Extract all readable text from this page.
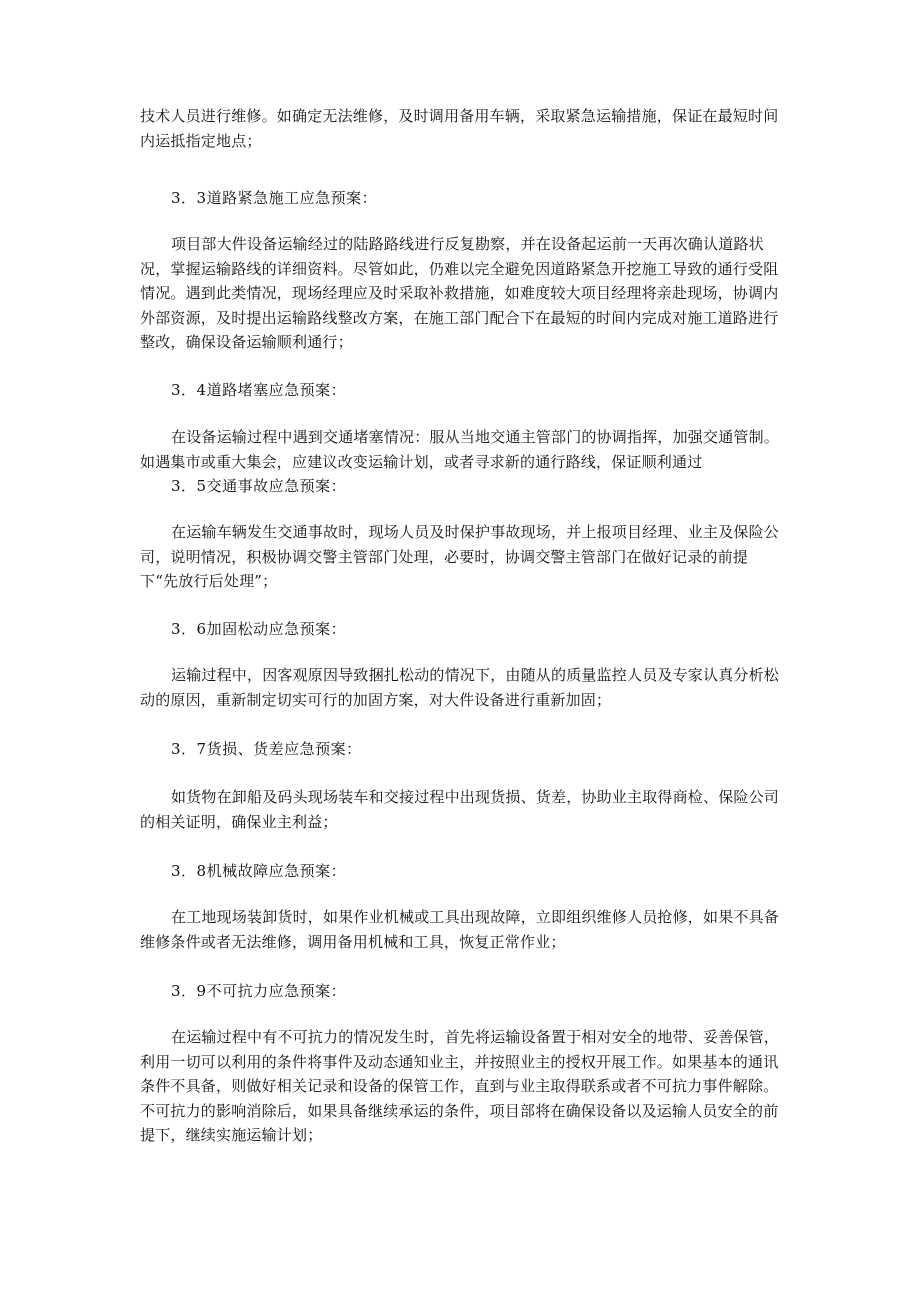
技术人员进行维修。如确定无法维修，及时调用备用车辆，采取紧急运输措施，保证在最短时间内运抵指定地点；

3．3道路紧急施工应急预案：

项目部大件设备运输经过的陆路路线进行反复勘察，并在设备起运前一天再次确认道路状况，掌握运输路线的详细资料。尽管如此，仍难以完全避免因道路紧急开挖施工导致的通行受阻情况。遇到此类情况，现场经理应及时采取补救措施，如难度较大项目经理将亲赴现场，协调内外部资源，及时提出运输路线整改方案，在施工部门配合下在最短的时间内完成对施工道路进行整改，确保设备运输顺利通行；

3．4道路堵塞应急预案：

在设备运输过程中遇到交通堵塞情况：服从当地交通主管部门的协调指挥，加强交通管制。如遇集市或重大集会，应建议改变运输计划，或者寻求新的通行路线，保证顺利通过

3．5交通事故应急预案：

在运输车辆发生交通事故时，现场人员及时保护事故现场，并上报项目经理、业主及保险公司，说明情况，积极协调交警主管部门处理，必要时，协调交警主管部门在做好记录的前提下“先放行后处理”；

3．6加固松动应急预案：

运输过程中，因客观原因导致捆扎松动的情况下，由随从的质量监控人员及专家认真分析松动的原因，重新制定切实可行的加固方案，对大件设备进行重新加固；

3．7货损、货差应急预案：

如货物在卸船及码头现场装车和交接过程中出现货损、货差，协助业主取得商检、保险公司的相关证明，确保业主利益；

3．8机械故障应急预案：

在工地现场装卸货时，如果作业机械或工具出现故障，立即组织维修人员抢修，如果不具备维修条件或者无法维修，调用备用机械和工具，恢复正常作业；

3．9不可抗力应急预案：

在运输过程中有不可抗力的情况发生时，首先将运输设备置于相对安全的地带、妥善保管，利用一切可以利用的条件将事件及动态通知业主，并按照业主的授权开展工作。如果基本的通讯条件不具备，则做好相关记录和设备的保管工作，直到与业主取得联系或者不可抗力事件解除。不可抗力的影响消除后，如果具备继续承运的条件，项目部将在确保设备以及运输人员安全的前提下，继续实施运输计划；
